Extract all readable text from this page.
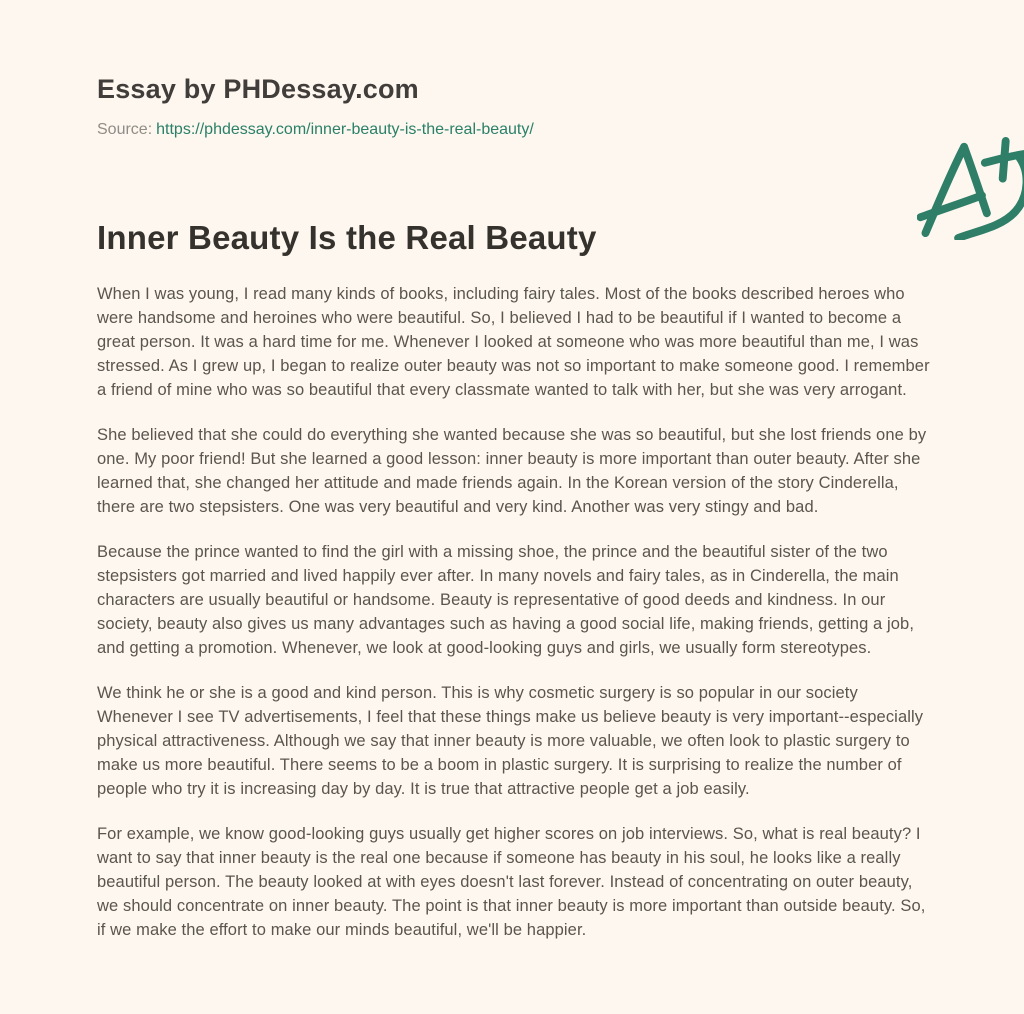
Essay by PHDessay.com
Source: https://phdessay.com/inner-beauty-is-the-real-beauty/
Inner Beauty Is the Real Beauty

When I was young, I read many kinds of books, including fairy tales. Most of the books described heroes who were handsome and heroines who were beautiful. So, I believed I had to be beautiful if I wanted to become a great person. It was a hard time for me. Whenever I looked at someone who was more beautiful than me, I was stressed. As I grew up, I began to realize outer beauty was not so important to make someone good. I remember a friend of mine who was so beautiful that every classmate wanted to talk with her, but she was very arrogant.

She believed that she could do everything she wanted because she was so beautiful, but she lost friends one by one. My poor friend! But she learned a good lesson: inner beauty is more important than outer beauty. After she learned that, she changed her attitude and made friends again. In the Korean version of the story Cinderella, there are two stepsisters. One was very beautiful and very kind. Another was very stingy and bad.

Because the prince wanted to find the girl with a missing shoe, the prince and the beautiful sister of the two stepsisters got married and lived happily ever after. In many novels and fairy tales, as in Cinderella, the main characters are usually beautiful or handsome. Beauty is representative of good deeds and kindness. In our society, beauty also gives us many advantages such as having a good social life, making friends, getting a job, and getting a promotion. Whenever, we look at good-looking guys and girls, we usually form stereotypes.

We think he or she is a good and kind person. This is why cosmetic surgery is so popular in our society Whenever I see TV advertisements, I feel that these things make us believe beauty is very important--especially physical attractiveness. Although we say that inner beauty is more valuable, we often look to plastic surgery to make us more beautiful. There seems to be a boom in plastic surgery. It is surprising to realize the number of people who try it is increasing day by day. It is true that attractive people get a job easily.

For example, we know good-looking guys usually get higher scores on job interviews. So, what is real beauty? I want to say that inner beauty is the real one because if someone has beauty in his soul, he looks like a really beautiful person. The beauty looked at with eyes doesn't last forever. Instead of concentrating on outer beauty, we should concentrate on inner beauty. The point is that inner beauty is more important than outside beauty. So, if we make the effort to make our minds beautiful, we'll be happier.
